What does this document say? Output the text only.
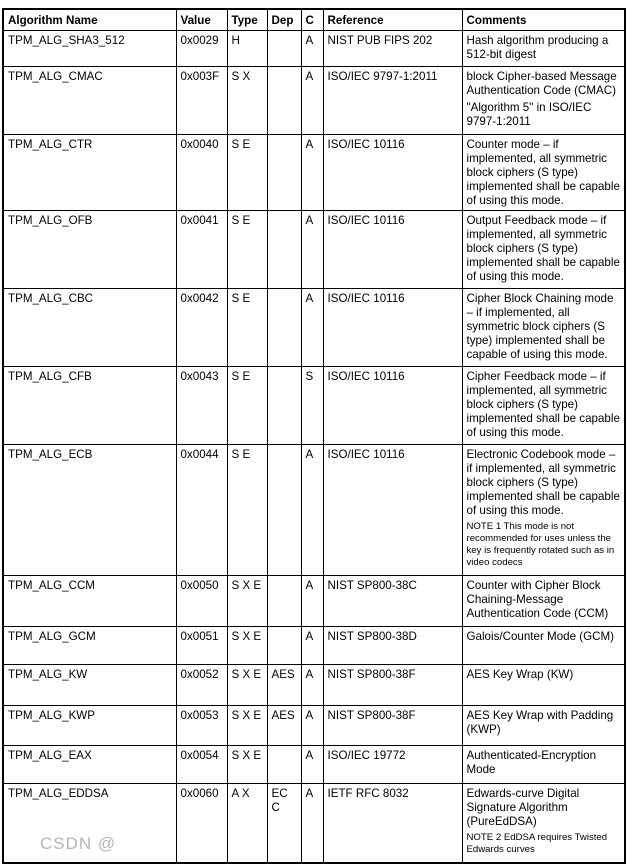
Algorithm Name	Value	Type	Dep	C	Reference	Comments
TPM_ALG_SHA3_512	0x0029	H		A	NIST PUB FIPS 202	Hash algorithm producing a 512-bit digest

TPM_ALG_CMAC	0x003F	S X		A	ISO/IEC 9797-1:2011	block Cipher-based Message Authentication Code (CMAC)
"Algorithm 5" in ISO/IEC 9797-1:2011

TPM_ALG_CTR	0x0040	S E		A	ISO/IEC 10116	Counter mode – if implemented, all symmetric block ciphers (S type) implemented shall be capable of using this mode.

TPM_ALG_OFB	0x0041	S E		A	ISO/IEC 10116	Output Feedback mode – if implemented, all symmetric block ciphers (S type) implemented shall be capable of using this mode.

TPM_ALG_CBC	0x0042	S E		A	ISO/IEC 10116	Cipher Block Chaining mode – if implemented, all symmetric block ciphers (S type) implemented shall be capable of using this mode.

TPM_ALG_CFB	0x0043	S E		S	ISO/IEC 10116	Cipher Feedback mode – if implemented, all symmetric block ciphers (S type) implemented shall be capable of using this mode.

TPM_ALG_ECB	0x0044	S E		A	ISO/IEC 10116	Electronic Codebook mode – if implemented, all symmetric block ciphers (S type) implemented shall be capable of using this mode.
NOTE 1 This mode is not recommended for uses unless the key is frequently rotated such as in video codecs

TPM_ALG_CCM	0x0050	S X E		A	NIST SP800-38C	Counter with Cipher Block Chaining-Message Authentication Code (CCM)

TPM_ALG_GCM	0x0051	S X E		A	NIST SP800-38D	Galois/Counter Mode (GCM)

TPM_ALG_KW	0x0052	S X E	AES	A	NIST SP800-38F	AES Key Wrap (KW)

TPM_ALG_KWP	0x0053	S X E	AES	A	NIST SP800-38F	AES Key Wrap with Padding (KWP)

TPM_ALG_EAX	0x0054	S X E		A	ISO/IEC 19772	Authenticated-Encryption Mode

TPM_ALG_EDDSA	0x0060	A X	EC C	A	IETF RFC 8032	Edwards-curve Digital Signature Algorithm (PureEdDSA)
NOTE 2 EdDSA requires Twisted Edwards curves
CSDN @
